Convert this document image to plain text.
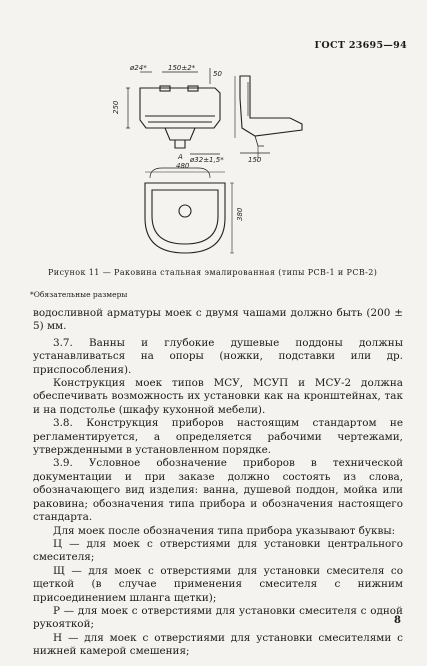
ГОСТ 23695—94
ø24*	150±2*
50
250
ø32±1,5*	150
480
380
A
Рисунок 11 — Раковина стальная эмалированная (типы РСВ-1 и РСВ-2)
*Обязательные размеры

водосливной арматуры моек с двумя чашами должно быть (200 ± 5) мм.

3.7. Ванны и глубокие душевые поддоны должны устанавливаться на опоры (ножки, подставки или др. приспособления).

Конструкция моек типов МСУ, МСУП и МСУ-2 должна обеспечивать возможность их установки как на кронштейнах, так и на подстолье (шкафу кухонной мебели).

3.8. Конструкция приборов настоящим стандартом не регламентируется, а определяется рабочими чертежами, утвержденными в установленном порядке.

3.9. Условное обозначение приборов в технической документации и при заказе должно состоять из слова, обозначающего вид изделия: ванна, душевой поддон, мойка или раковина; обозначения типа прибора и обозначения настоящего стандарта.

Для моек после обозначения типа прибора указывают буквы:

Ц — для моек с отверстиями для установки центрального смесителя;

Щ — для моек с отверстиями для установки смесителя со щеткой (в случае применения смесителя с нижним присоединением шланга щетки);

Р — для моек с отверстиями для установки смесителя с одной рукояткой;

Н — для моек с отверстиями для установки смесителями с нижней камерой смешения;

8
